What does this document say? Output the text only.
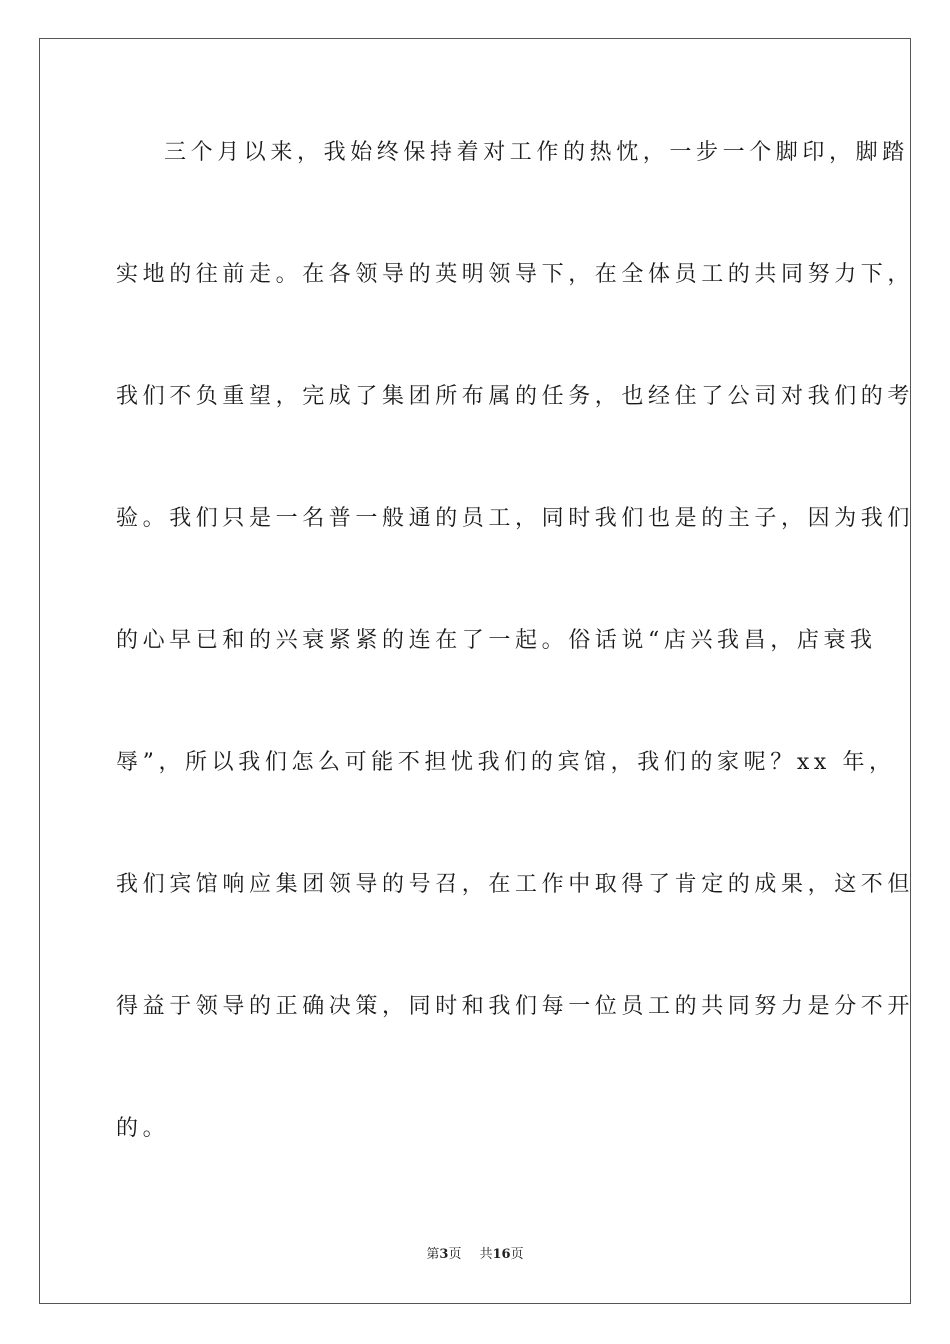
三个月以来，我始终保持着对工作的热忱，一步一个脚印，脚踏
实地的往前走。在各领导的英明领导下，在全体员工的共同努力下，
我们不负重望，完成了集团所布属的任务，也经住了公司对我们的考
验。我们只是一名普一般通的员工，同时我们也是的主子，因为我们
的心早已和的兴衰紧紧的连在了一起。俗话说“店兴我昌，店衰我
辱”，所以我们怎么可能不担忧我们的宾馆，我们的家呢？xx 年，
我们宾馆响应集团领导的号召，在工作中取得了肯定的成果，这不但
得益于领导的正确决策，同时和我们每一位员工的共同努力是分不开
的。
第3页 共16页
